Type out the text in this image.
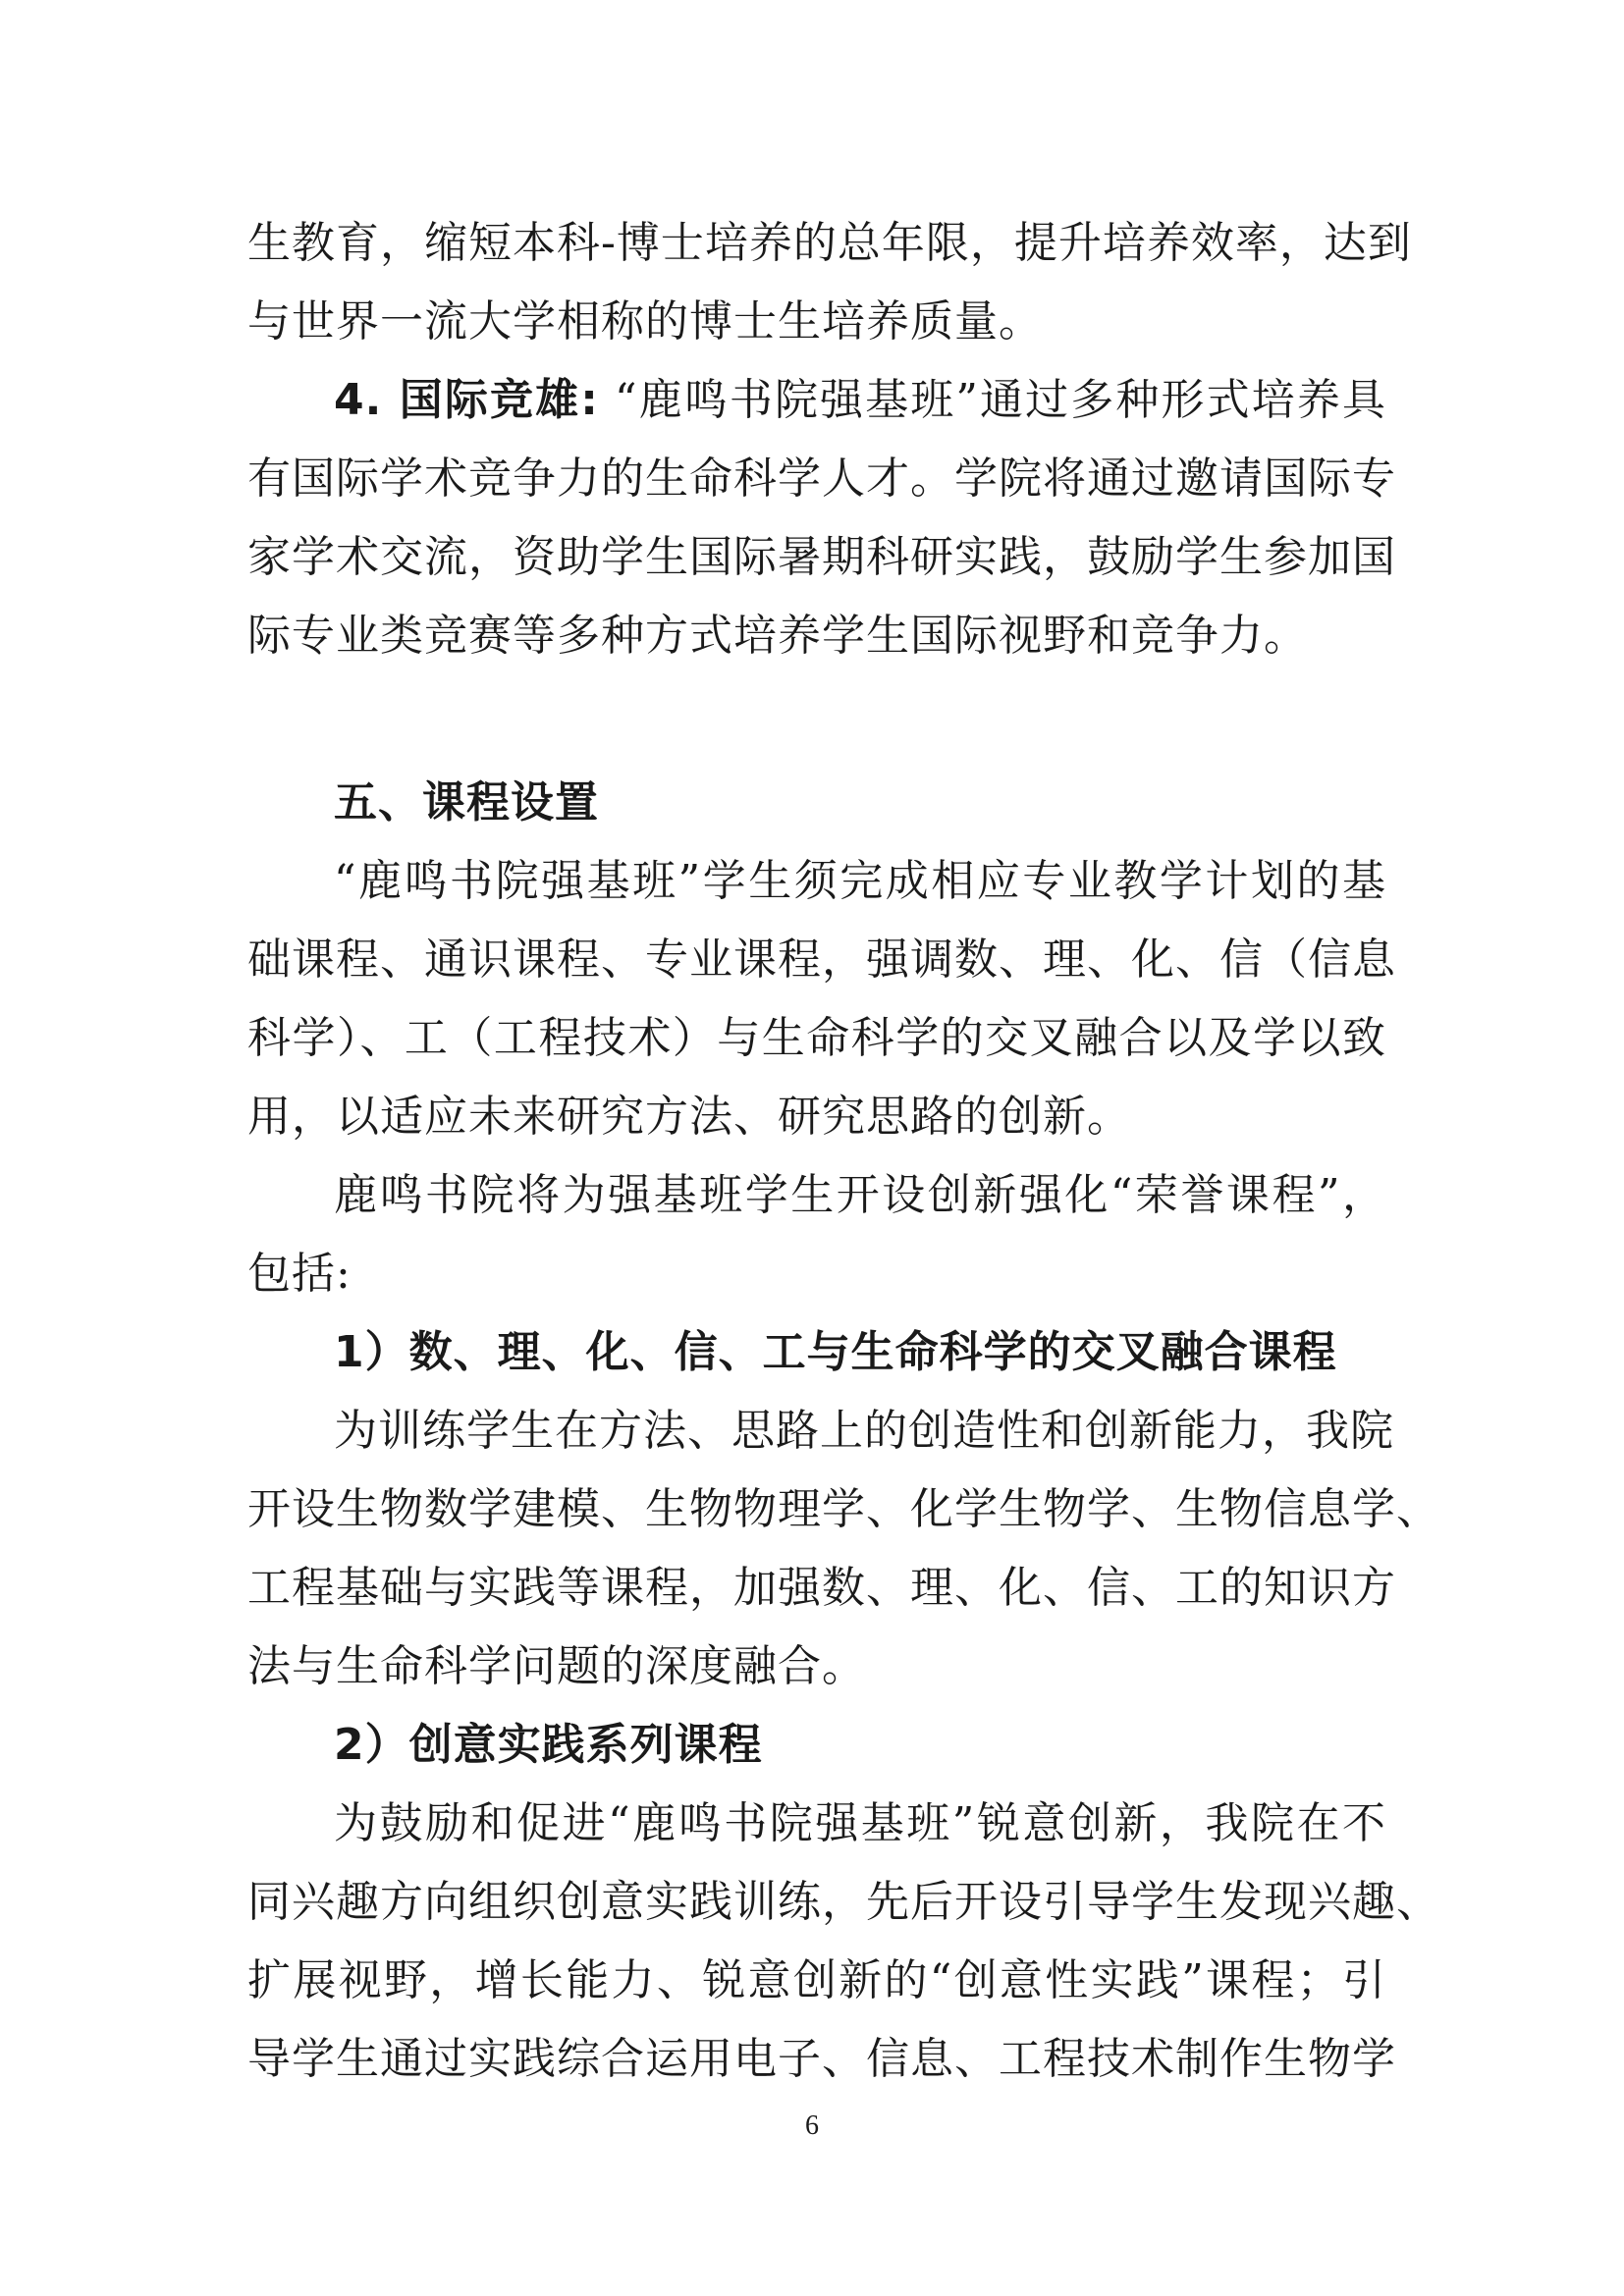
生教育，缩短本科-博士培养的总年限，提升培养效率，达到
与世界一流大学相称的博士生培养质量。
4. 国际竞雄: “鹿鸣书院强基班”通过多种形式培养具
有国际学术竞争力的生命科学人才。学院将通过邀请国际专
家学术交流，资助学生国际暑期科研实践，鼓励学生参加国
际专业类竞赛等多种方式培养学生国际视野和竞争力。
五、课程设置
“鹿鸣书院强基班”学生须完成相应专业教学计划的基
础课程、通识课程、专业课程，强调数、理、化、信（信息
科学）、工（工程技术）与生命科学的交叉融合以及学以致
用，以适应未来研究方法、研究思路的创新。
鹿鸣书院将为强基班学生开设创新强化“荣誉课程”，
包括:
1）数、理、化、信、工与生命科学的交叉融合课程
为训练学生在方法、思路上的创造性和创新能力，我院
开设生物数学建模、生物物理学、化学生物学、生物信息学、
工程基础与实践等课程，加强数、理、化、信、工的知识方
法与生命科学问题的深度融合。
2）创意实践系列课程
为鼓励和促进“鹿鸣书院强基班”锐意创新，我院在不
同兴趣方向组织创意实践训练，先后开设引导学生发现兴趣、
扩展视野，增长能力、锐意创新的“创意性实践”课程；引
导学生通过实践综合运用电子、信息、工程技术制作生物学
6
